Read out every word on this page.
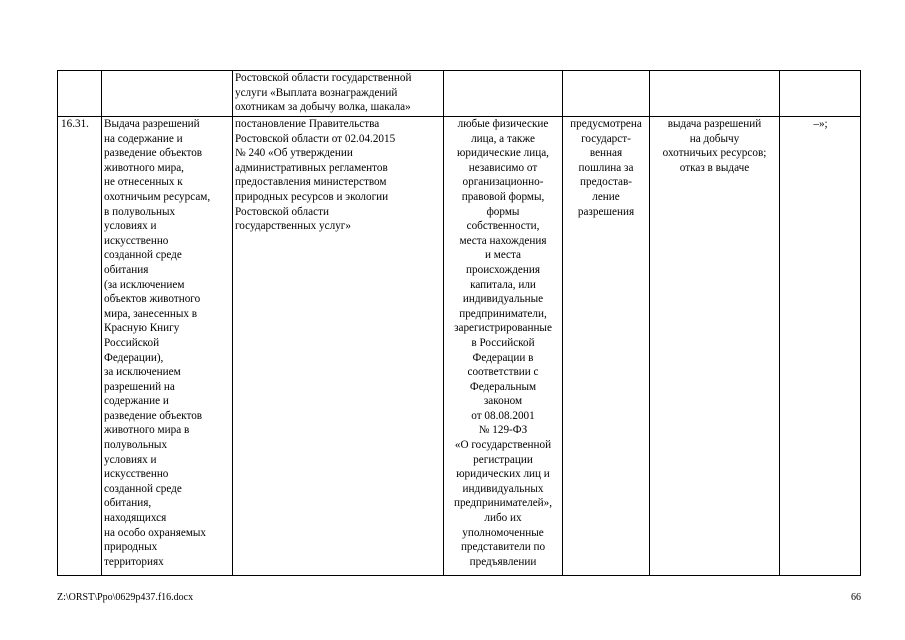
Ростовской области государственной
услуги «Выплата вознаграждений
охотникам за добычу волка, шакала»
16.31.	Выдача разрешений
на содержание и
разведение объектов
животного мира,
не отнесенных к
охотничьим ресурсам,
в полувольных
условиях и
искусственно
созданной среде
обитания
(за исключением
объектов животного
мира, занесенных в
Красную Книгу
Российской
Федерации),
за исключением
разрешений на
содержание и
разведение объектов
животного мира в
полувольных
условиях и
искусственно
созданной среде
обитания,
находящихся
на особо охраняемых
природных
территориях
постановление Правительства
Ростовской области от 02.04.2015
№ 240 «Об утверждении
административных регламентов
предоставления министерством
природных ресурсов и экологии
Ростовской области
государственных услуг»
любые физические
лица, а также
юридические лица,
независимо от
организационно-
правовой формы,
формы
собственности,
места нахождения
и места
происхождения
капитала, или
индивидуальные
предприниматели,
зарегистрированные
в Российской
Федерации в
соответствии с
Федеральным
законом
от 08.08.2001
№ 129-ФЗ
«О государственной
регистрации
юридических лиц и
индивидуальных
предпринимателей»,
либо их
уполномоченные
представители по
предъявлении
предусмотрена
государст-
венная
пошлина за
предостав-
ление
разрешения
выдача разрешений
на добычу
охотничьих ресурсов;
отказ в выдаче
–»;
Z:\ORST\Ppo\0629p437.f16.docx	66
